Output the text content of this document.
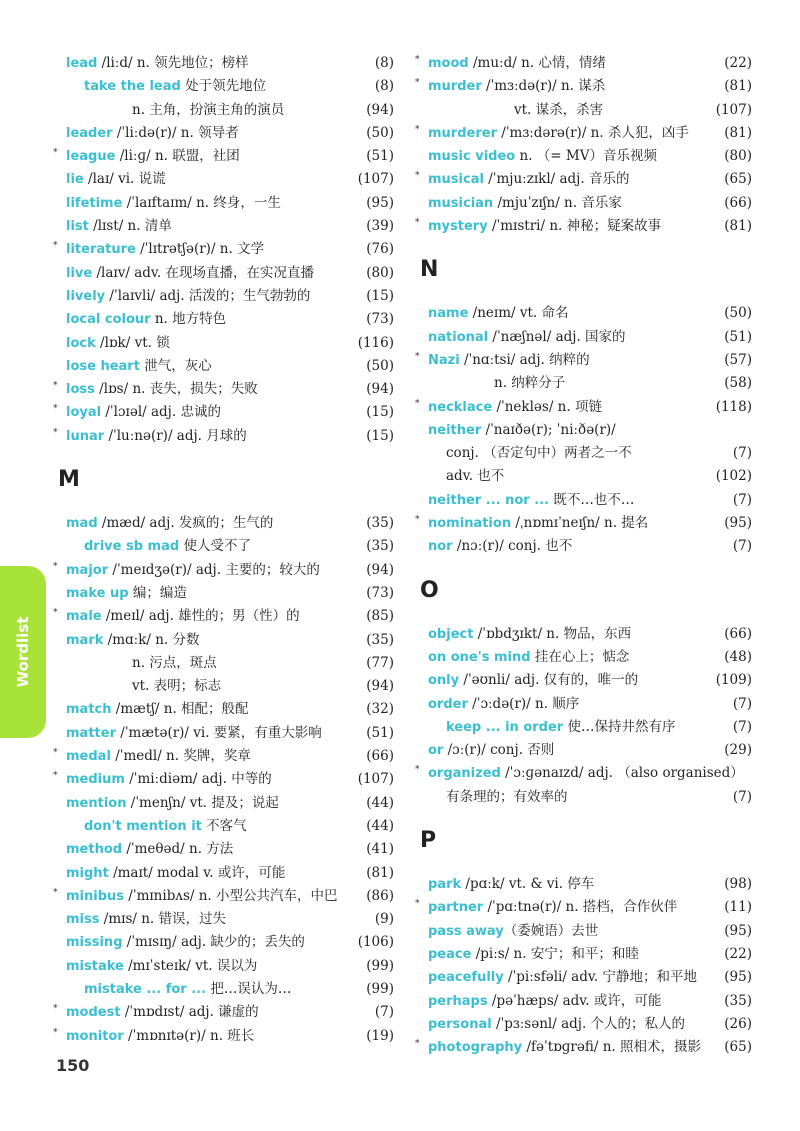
lead /liːd/ n. 领先地位；榜样	(8)
take the lead 处于领先地位	(8)
n. 主角，扮演主角的演员	(94)
leader /ˈliːdə(r)/ n. 领导者	(50)
* league /liːɡ/ n. 联盟，社团	(51)
lie /laɪ/ vi. 说谎	(107)
lifetime /ˈlaɪftaɪm/ n. 终身，一生	(95)
list /lɪst/ n. 清单	(39)
* literature /ˈlɪtrətʃə(r)/ n. 文学	(76)
live /laɪv/ adv. 在现场直播，在实况直播	(80)
lively /ˈlaɪvli/ adj. 活泼的；生气勃勃的	(15)
local colour n. 地方特色	(73)
lock /lɒk/ vt. 锁	(116)
lose heart 泄气，灰心	(50)
* loss /lɒs/ n. 丧失，损失；失败	(94)
* loyal /ˈlɔɪəl/ adj. 忠诚的	(15)
* lunar /ˈluːnə(r)/ adj. 月球的	(15)
M
mad /mæd/ adj. 发疯的；生气的	(35)
drive sb mad 使人受不了	(35)
* major /ˈmeɪdʒə(r)/ adj. 主要的；较大的	(94)
make up 编；编造	(73)
* male /meɪl/ adj. 雄性的；男（性）的	(85)
mark /mɑːk/ n. 分数	(35)
n. 污点，斑点	(77)
vt. 表明；标志	(94)
match /mætʃ/ n. 相配；般配	(32)
matter /ˈmætə(r)/ vi. 要紧，有重大影响	(51)
* medal /ˈmedl/ n. 奖牌，奖章	(66)
* medium /ˈmiːdiəm/ adj. 中等的	(107)
mention /ˈmenʃn/ vt. 提及；说起	(44)
don't mention it 不客气	(44)
method /ˈmeθəd/ n. 方法	(41)
might /maɪt/ modal v. 或许，可能	(81)
* minibus /ˈmɪnibʌs/ n. 小型公共汽车，中巴 (86)
miss /mɪs/ n. 错误，过失	(9)
missing /ˈmɪsɪŋ/ adj. 缺少的；丢失的	(106)
mistake /mɪˈsteɪk/ vt. 误以为	(99)
mistake ... for ... 把…误认为…	(99)
* modest /ˈmɒdɪst/ adj. 谦虚的	(7)
* monitor /ˈmɒnɪtə(r)/ n. 班长	(19)
* mood /muːd/ n. 心情，情绪	(22)
* murder /ˈmɜːdə(r)/ n. 谋杀	(81)
vt. 谋杀，杀害	(107)
* murderer /ˈmɜːdərə(r)/ n. 杀人犯，凶手	(81)
music video n. （= MV）音乐视频	(80)
* musical /ˈmjuːzɪkl/ adj. 音乐的	(65)
musician /mjuˈzɪʃn/ n. 音乐家	(66)
* mystery /ˈmɪstri/ n. 神秘；疑案故事	(81)
N
name /neɪm/ vt. 命名	(50)
national /ˈnæʃnəl/ adj. 国家的	(51)
* Nazi /ˈnɑːtsi/ adj. 纳粹的	(57)
n. 纳粹分子	(58)
* necklace /ˈnekləs/ n. 项链	(118)
neither /ˈnaɪðə(r); ˈniːðə(r)/
conj. （否定句中）两者之一不	(7)
adv. 也不	(102)
neither ... nor ... 既不…也不…	(7)
* nomination /ˌnɒmɪˈneɪʃn/ n. 提名	(95)
nor /nɔː(r)/ conj. 也不	(7)
O
object /ˈɒbdʒɪkt/ n. 物品，东西	(66)
on one's mind 挂在心上；惦念	(48)
only /ˈəʊnli/ adj. 仅有的，唯一的	(109)
order /ˈɔːdə(r)/ n. 顺序	(7)
keep ... in order 使…保持井然有序	(7)
or /ɔː(r)/ conj. 否则	(29)
* organized /ˈɔːɡənaɪzd/ adj. （also organised）
有条理的；有效率的	(7)
P
park /pɑːk/ vt. & vi. 停车	(98)
* partner /ˈpɑːtnə(r)/ n. 搭档，合作伙伴	(11)
pass away（委婉语）去世	(95)
peace /piːs/ n. 安宁；和平；和睦	(22)
peacefully /ˈpiːsfəli/ adv. 宁静地；和平地 (95)
perhaps /pəˈhæps/ adv. 或许，可能	(35)
personal /ˈpɜːsənl/ adj. 个人的；私人的	(26)
* photography /fəˈtɒɡrəfi/ n. 照相术，摄影 (65)
Wordlist
150
